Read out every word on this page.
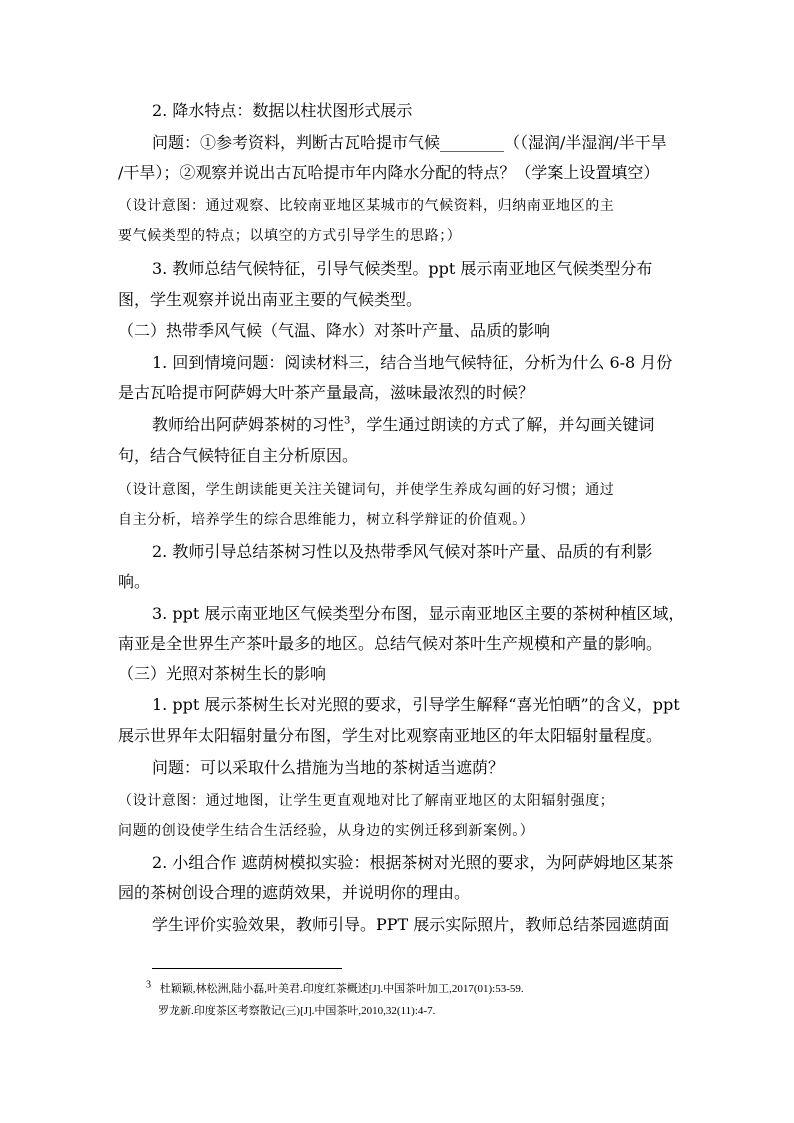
2. 降水特点：数据以柱状图形式展示
问题：①参考资料，判断古瓦哈提市气候________（（湿润/半湿润/半干旱
/干旱）；②观察并说出古瓦哈提市年内降水分配的特点？（学案上设置填空）
（设计意图：通过观察、比较南亚地区某城市的气候资料，归纳南亚地区的主
要气候类型的特点；以填空的方式引导学生的思路；）
3. 教师总结气候特征，引导气候类型。ppt 展示南亚地区气候类型分布
图，学生观察并说出南亚主要的气候类型。
（二）热带季风气候（气温、降水）对茶叶产量、品质的影响
1. 回到情境问题：阅读材料三，结合当地气候特征，分析为什么 6-8 月份
是古瓦哈提市阿萨姆大叶茶产量最高，滋味最浓烈的时候？
教师给出阿萨姆茶树的习性$^3$，学生通过朗读的方式了解，并勾画关键词
句，结合气候特征自主分析原因。
（设计意图，学生朗读能更关注关键词句，并使学生养成勾画的好习惯；通过
自主分析，培养学生的综合思维能力，树立科学辩证的价值观。）
2. 教师引导总结茶树习性以及热带季风气候对茶叶产量、品质的有利影
响。
3. ppt 展示南亚地区气候类型分布图，显示南亚地区主要的茶树种植区域，
南亚是全世界生产茶叶最多的地区。总结气候对茶叶生产规模和产量的影响。
（三）光照对茶树生长的影响
1. ppt 展示茶树生长对光照的要求，引导学生解释“喜光怕晒”的含义，ppt
展示世界年太阳辐射量分布图，学生对比观察南亚地区的年太阳辐射量程度。
问题：可以采取什么措施为当地的茶树适当遮荫？
（设计意图：通过地图，让学生更直观地对比了解南亚地区的太阳辐射强度；
问题的创设使学生结合生活经验，从身边的实例迁移到新案例。）
2. 小组合作 遮荫树模拟实验：根据茶树对光照的要求，为阿萨姆地区某茶
园的茶树创设合理的遮荫效果，并说明你的理由。
学生评价实验效果，教师引导。PPT 展示实际照片，教师总结茶园遮荫面
$^3$ 杜颖颖,林松洲,陆小磊,叶美君.印度红茶概述[J].中国茶叶加工,2017(01):53-59.
罗龙新.印度茶区考察散记(三)[J].中国茶叶,2010,32(11):4-7.
